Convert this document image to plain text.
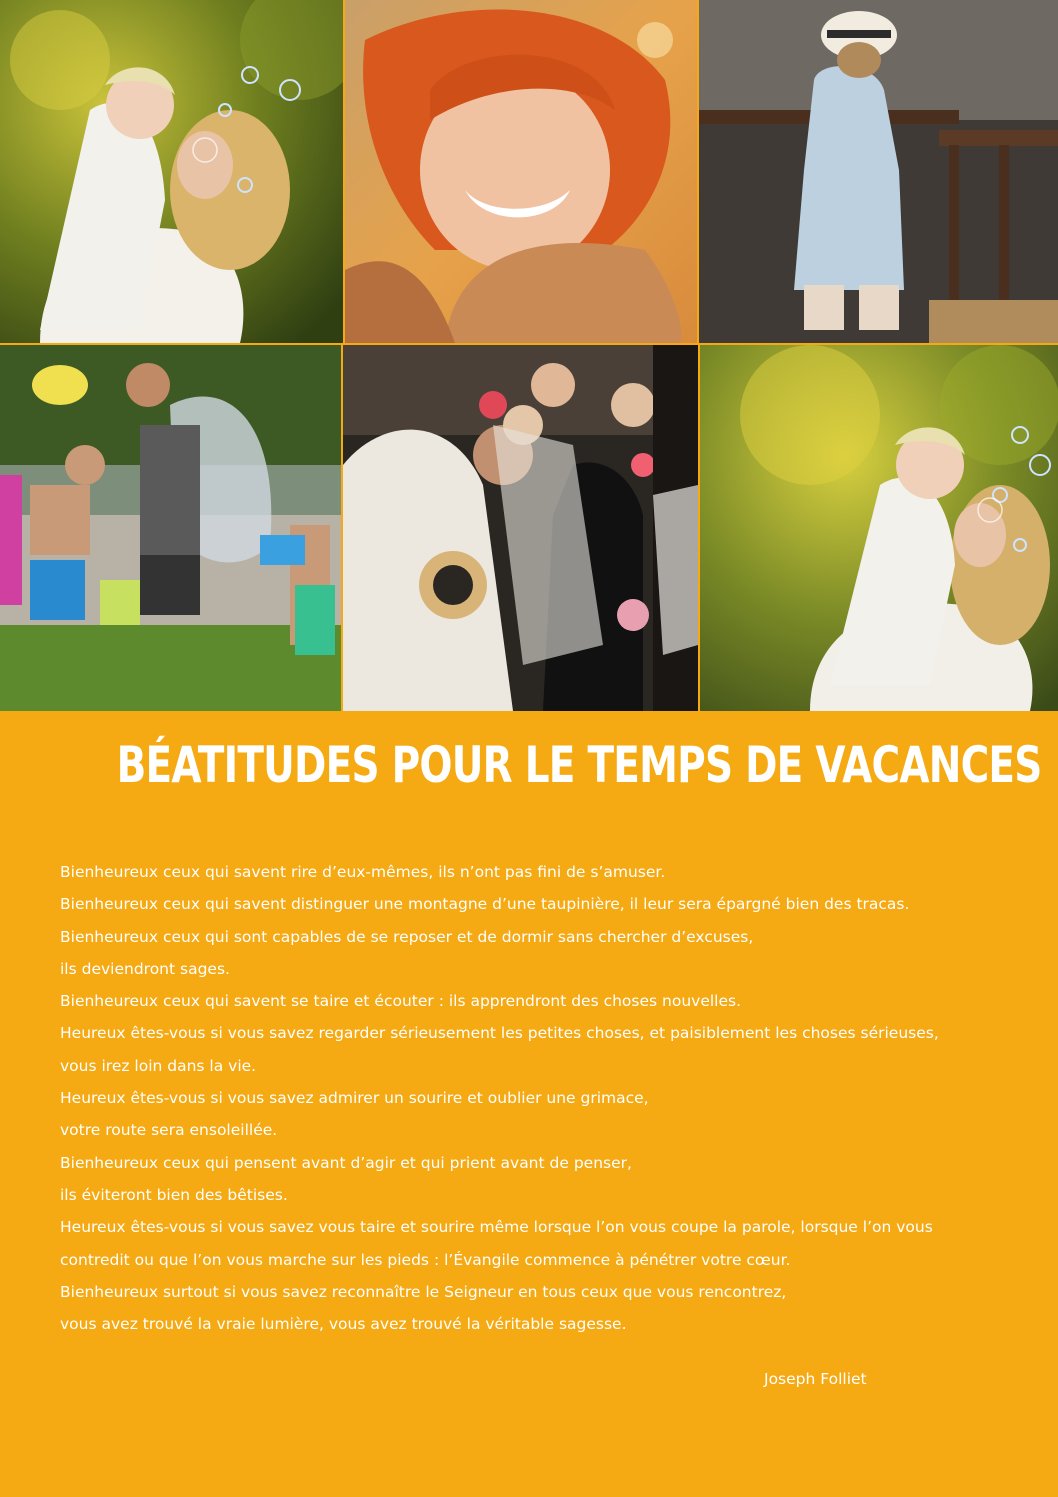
BÉATITUDES POUR LE TEMPS DE VACANCES
Bienheureux ceux qui savent rire d’eux-mêmes, ils n’ont pas fini de s’amuser.
Bienheureux ceux qui savent distinguer une montagne d’une taupinière, il leur sera épargné bien des tracas.
Bienheureux ceux qui sont capables de se reposer et de dormir sans chercher d’excuses,
ils deviendront sages.
Bienheureux ceux qui savent se taire et écouter : ils apprendront des choses nouvelles.
Heureux êtes-vous si vous savez regarder sérieusement les petites choses, et paisiblement les choses sérieuses,
vous irez loin dans la vie.
Heureux êtes-vous si vous savez admirer un sourire et oublier une grimace,
votre route sera ensoleillée.
Bienheureux ceux qui pensent avant d’agir et qui prient avant de penser,
ils éviteront bien des bêtises.
Heureux êtes-vous si vous savez vous taire et sourire même lorsque l’on vous coupe la parole, lorsque l’on vous
contredit ou que l’on vous marche sur les pieds : l’Évangile commence à pénétrer votre cœur.
Bienheureux surtout si vous savez reconnaître le Seigneur en tous ceux que vous rencontrez,
vous avez trouvé la vraie lumière, vous avez trouvé la véritable sagesse.
Joseph Folliet
